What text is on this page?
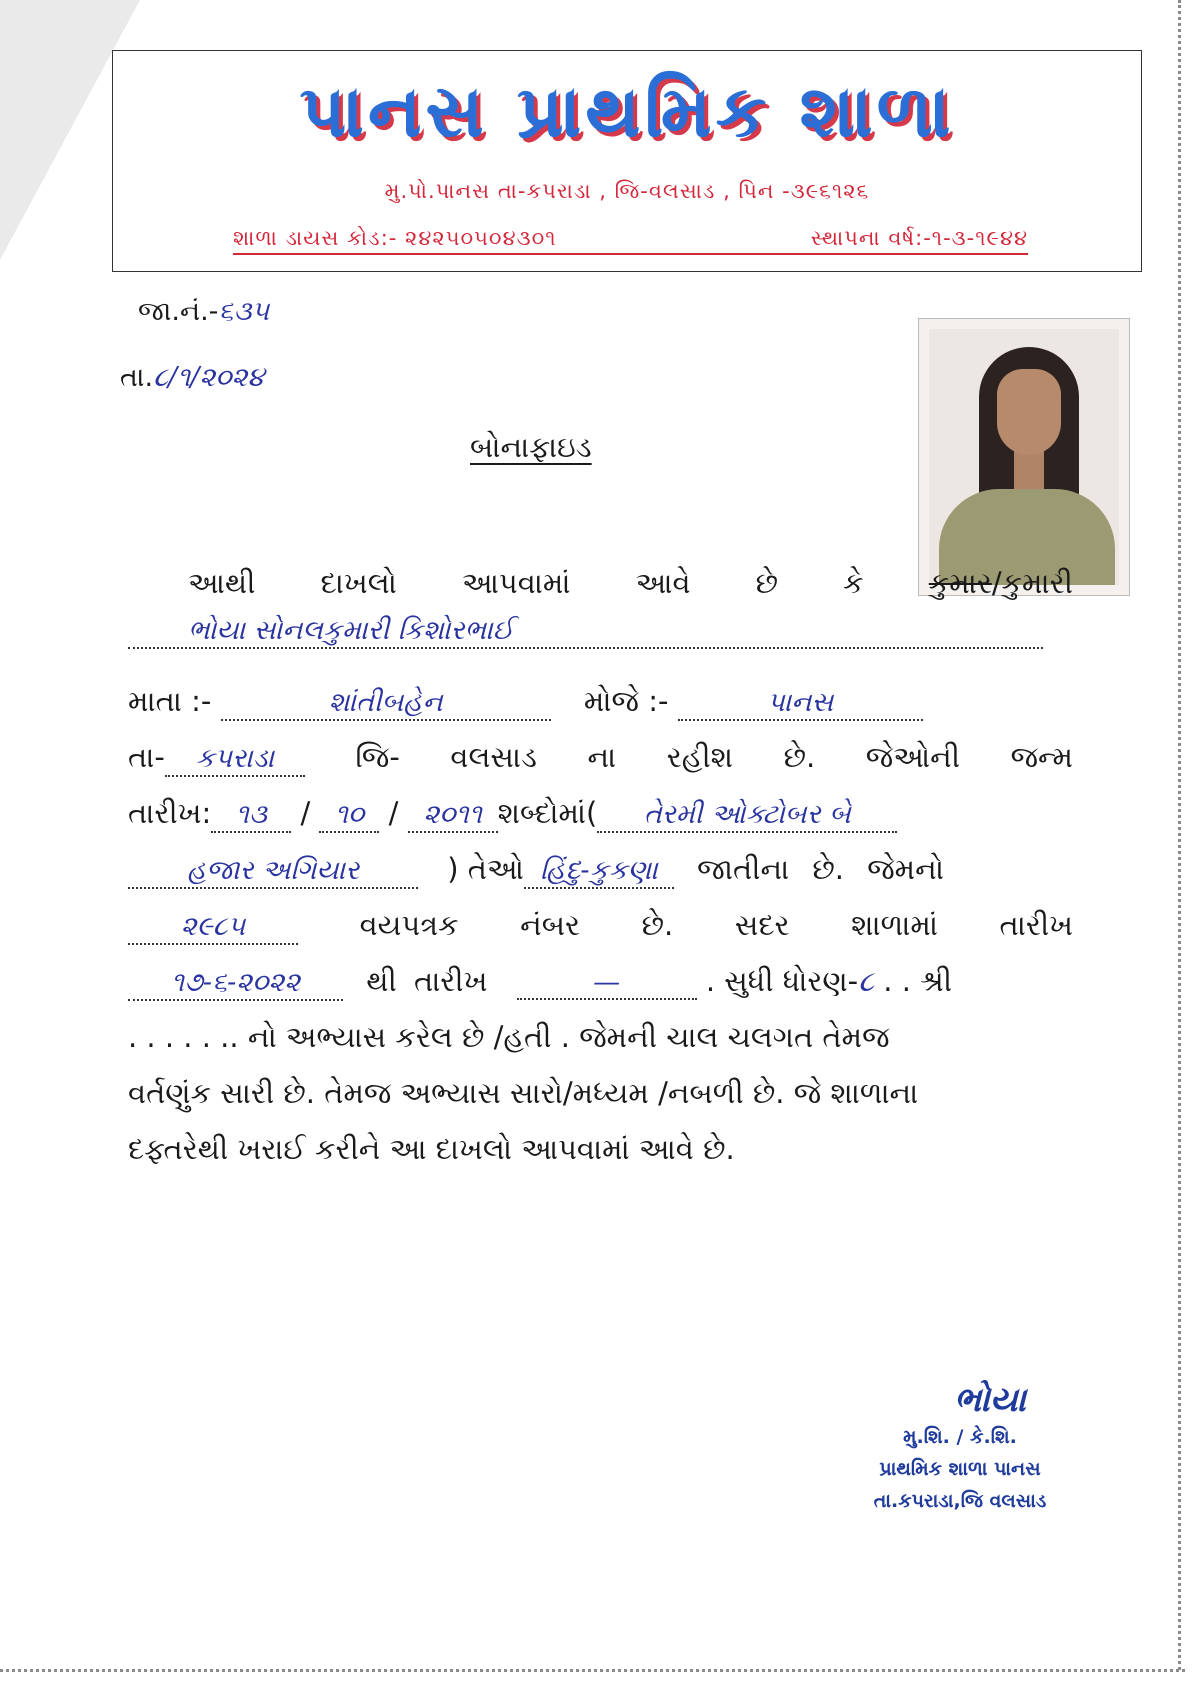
પાનસ પ્રાથમિક શાળા
મુ.પો.પાનસ તા-કપરાડા , જિ-વલસાડ , પિન -૩૯૬૧૨૬
શાળા ડાયસ કોડ:- ૨૪૨૫૦૫૦૪૩૦૧	સ્થાપના વર્ષ:-૧-૩-૧૯૪૪
જા.નં.-૬૩૫
તા.૮/૧/૨૦૨૪
બોનાફાઇડ
આથી દાખલો આપવામાં આવે છે કે કુમાર/કુમારી
ભોયા સોનલકુમારી કિશોરભાઈ
માતા :-	શાંતીબહેન	મોજે :-	પાનસ
તા- કપરાડા	જિ- વલસાડ ના રહીશ છે. જેઓની જન્મ
તારીખ: ૧૩ / ૧૦ / ૨૦૧૧ શબ્દોમાં( તેરમી ઓક્ટોબર બે
હજાર અગિયાર	) તેઓ હિંદુ-કુકણા જાતીના છે. જેમનો
૨૯૮૫	વયપત્રક નંબર છે. સદર શાળામાં તારીખ
૧૭-૬-૨૦૨૨ થી તારીખ	—	. સુધી ધોરણ-૮ . . શ્રી
. . . . . .. નો અભ્યાસ કરેલ છે /હતી . જેમની ચાલ ચલગત તેમજ
વર્તણુંક સારી છે. તેમજ અભ્યાસ સારો/મધ્યમ /નબળી છે. જે શાળાના
દફ્તરેથી ખરાઈ કરીને આ દાખલો આપવામાં આવે છે.
ભોયા
મુ.શિ. / કે.શિ.
પ્રાથમિક શાળા પાનસ
તા.કપરાડા,જિ વલસાડ
